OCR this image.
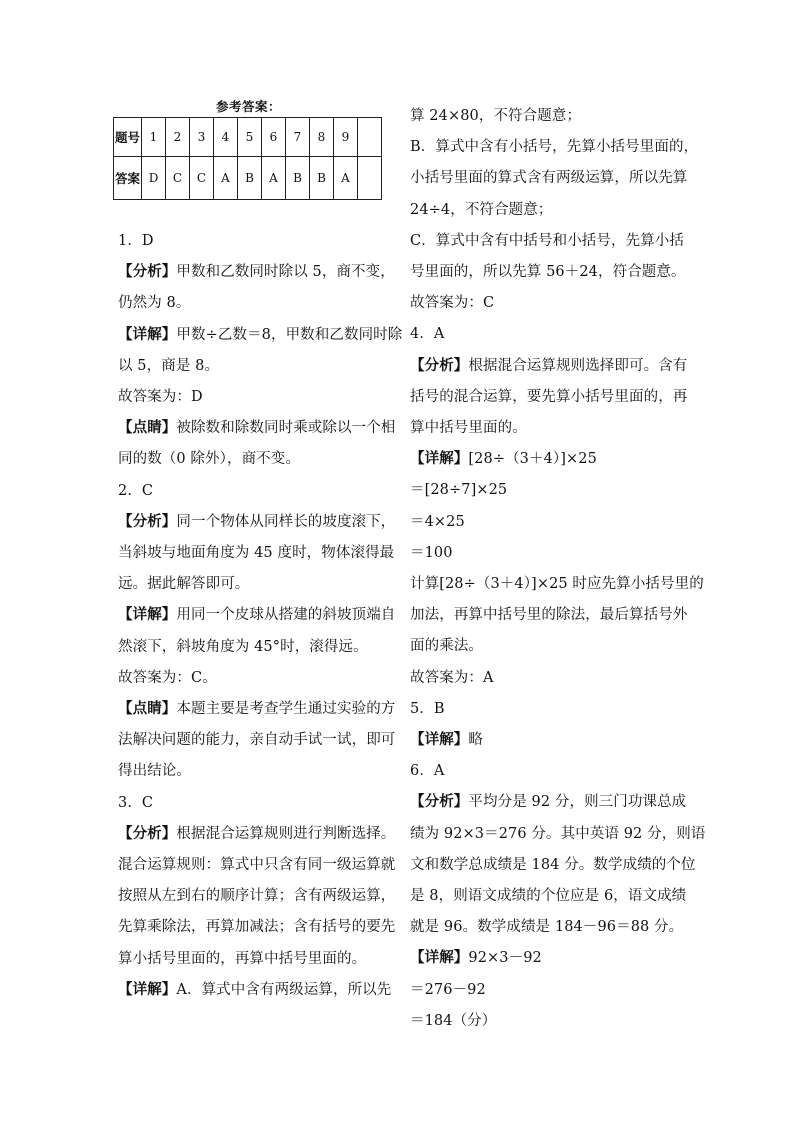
参考答案：
题号	1	2	3	4	5	6	7	8	9	
答案	D	C	C	A	B	A	B	B	A	
1．D
【分析】甲数和乙数同时除以 5，商不变，
仍然为 8。
【详解】甲数÷乙数＝8，甲数和乙数同时除
以 5，商是 8。
故答案为：D
【点睛】被除数和除数同时乘或除以一个相
同的数（0 除外），商不变。
2．C
【分析】同一个物体从同样长的坡度滚下，
当斜坡与地面角度为 45 度时，物体滚得最
远。据此解答即可。
【详解】用同一个皮球从搭建的斜坡顶端自
然滚下，斜坡角度为 45°时，滚得远。
故答案为：C。
【点睛】本题主要是考查学生通过实验的方
法解决问题的能力，亲自动手试一试，即可
得出结论。
3．C
【分析】根据混合运算规则进行判断选择。
混合运算规则：算式中只含有同一级运算就
按照从左到右的顺序计算；含有两级运算，
先算乘除法，再算加减法；含有括号的要先
算小括号里面的，再算中括号里面的。
【详解】A．算式中含有两级运算，所以先
算 24×80，不符合题意；
B．算式中含有小括号，先算小括号里面的，
小括号里面的算式含有两级运算，所以先算
24÷4，不符合题意；
C．算式中含有中括号和小括号，先算小括
号里面的，所以先算 56＋24，符合题意。
故答案为：C
4．A
【分析】根据混合运算规则选择即可。含有
括号的混合运算，要先算小括号里面的，再
算中括号里面的。
【详解】[28÷（3＋4）]×25
＝[28÷7]×25
＝4×25
＝100
计算[28÷（3＋4）]×25 时应先算小括号里的
加法，再算中括号里的除法，最后算括号外
面的乘法。
故答案为：A
5．B
【详解】略
6．A
【分析】平均分是 92 分，则三门功课总成
绩为 92×3＝276 分。其中英语 92 分，则语
文和数学总成绩是 184 分。数学成绩的个位
是 8，则语文成绩的个位应是 6，语文成绩
就是 96。数学成绩是 184－96＝88 分。
【详解】92×3－92
＝276－92
＝184（分）
